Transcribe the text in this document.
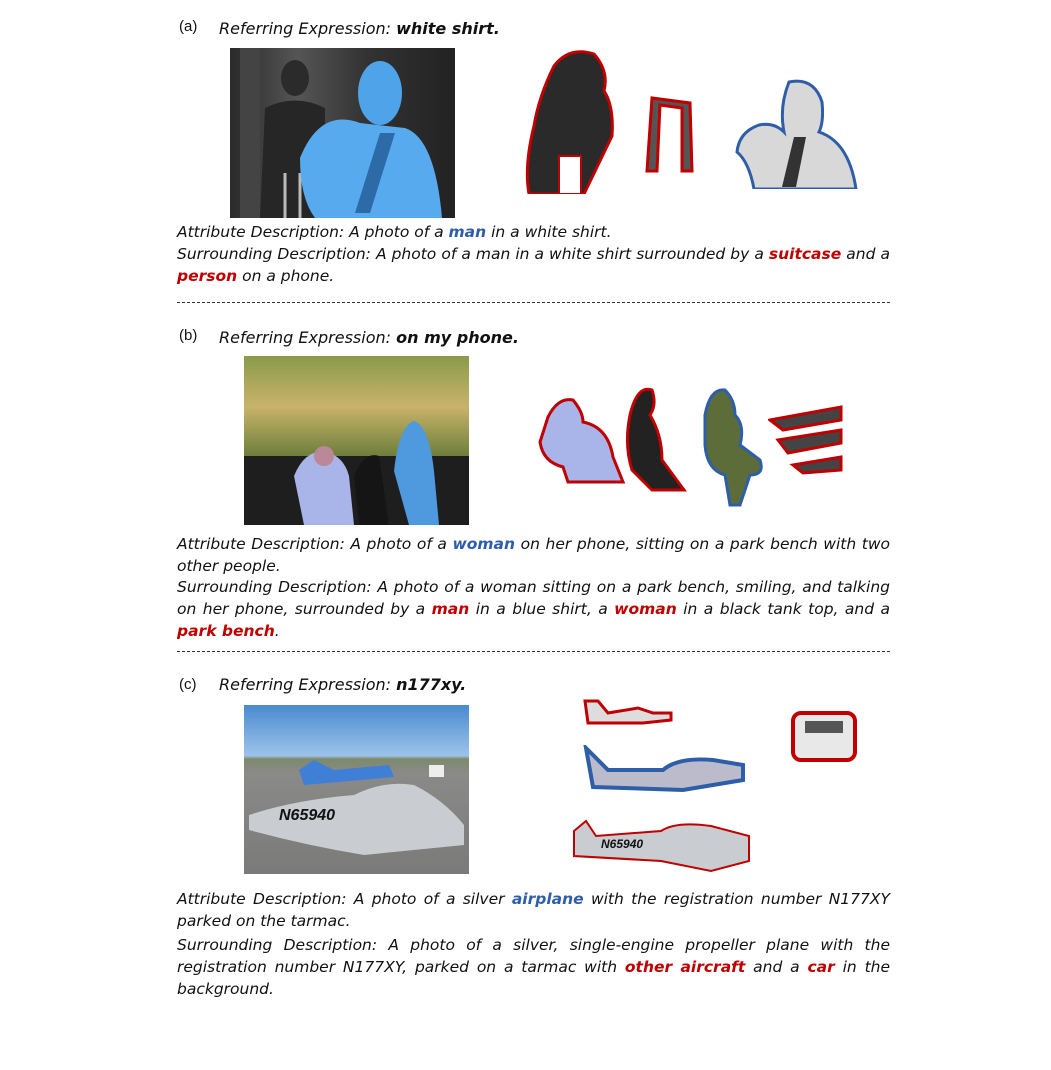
(a) Referring Expression: white shirt.
Attribute Description: A photo of a man in a white shirt.
Surrounding Description: A photo of a man in a white shirt surrounded by a suitcase and a person on a phone.
(b) Referring Expression: on my phone.
Attribute Description: A photo of a woman on her phone, sitting on a park bench with two other people.
Surrounding Description: A photo of a woman sitting on a park bench, smiling, and talking on her phone, surrounded by a man in a blue shirt, a woman in a black tank top, and a park bench.
(c) Referring Expression: n177xy.
N65940
N65940
Attribute Description: A photo of a silver airplane with the registration number N177XY parked on the tarmac.
Surrounding Description: A photo of a silver, single-engine propeller plane with the registration number N177XY, parked on a tarmac with other aircraft and a car in the background.
